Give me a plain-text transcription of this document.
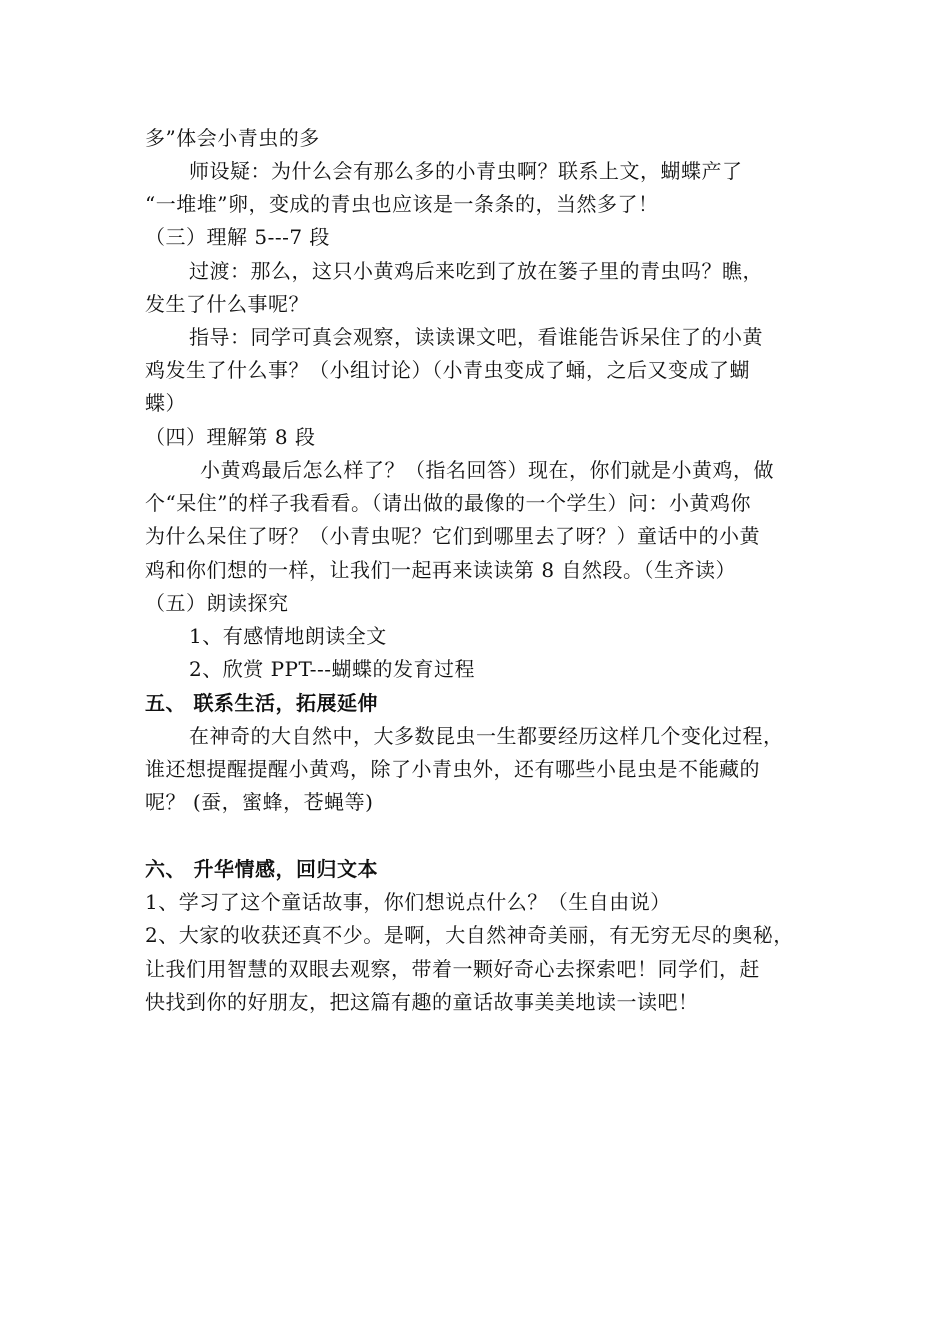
多”体会小青虫的多
师设疑：为什么会有那么多的小青虫啊？联系上文，蝴蝶产了
“一堆堆”卵，变成的青虫也应该是一条条的，当然多了！
（三）理解 5---7 段
过渡：那么，这只小黄鸡后来吃到了放在篓子里的青虫吗？瞧，
发生了什么事呢？
指导：同学可真会观察，读读课文吧，看谁能告诉呆住了的小黄
鸡发生了什么事？（小组讨论）（小青虫变成了蛹，之后又变成了蝴
蝶）
（四）理解第 8 段
小黄鸡最后怎么样了？（指名回答）现在，你们就是小黄鸡，做
个“呆住”的样子我看看。（请出做的最像的一个学生）问：小黄鸡你
为什么呆住了呀？（小青虫呢？它们到哪里去了呀？）童话中的小黄
鸡和你们想的一样，让我们一起再来读读第 8 自然段。（生齐读）
（五）朗读探究
1、有感情地朗读全文
2、欣赏 PPT---蝴蝶的发育过程
五、 联系生活，拓展延伸
在神奇的大自然中，大多数昆虫一生都要经历这样几个变化过程，
谁还想提醒提醒小黄鸡，除了小青虫外，还有哪些小昆虫是不能藏的
呢？ (蚕，蜜蜂，苍蝇等)
六、 升华情感，回归文本
1、学习了这个童话故事，你们想说点什么？（生自由说）
2、大家的收获还真不少。是啊，大自然神奇美丽，有无穷无尽的奥秘，
让我们用智慧的双眼去观察，带着一颗好奇心去探索吧！同学们，赶
快找到你的好朋友，把这篇有趣的童话故事美美地读一读吧！
